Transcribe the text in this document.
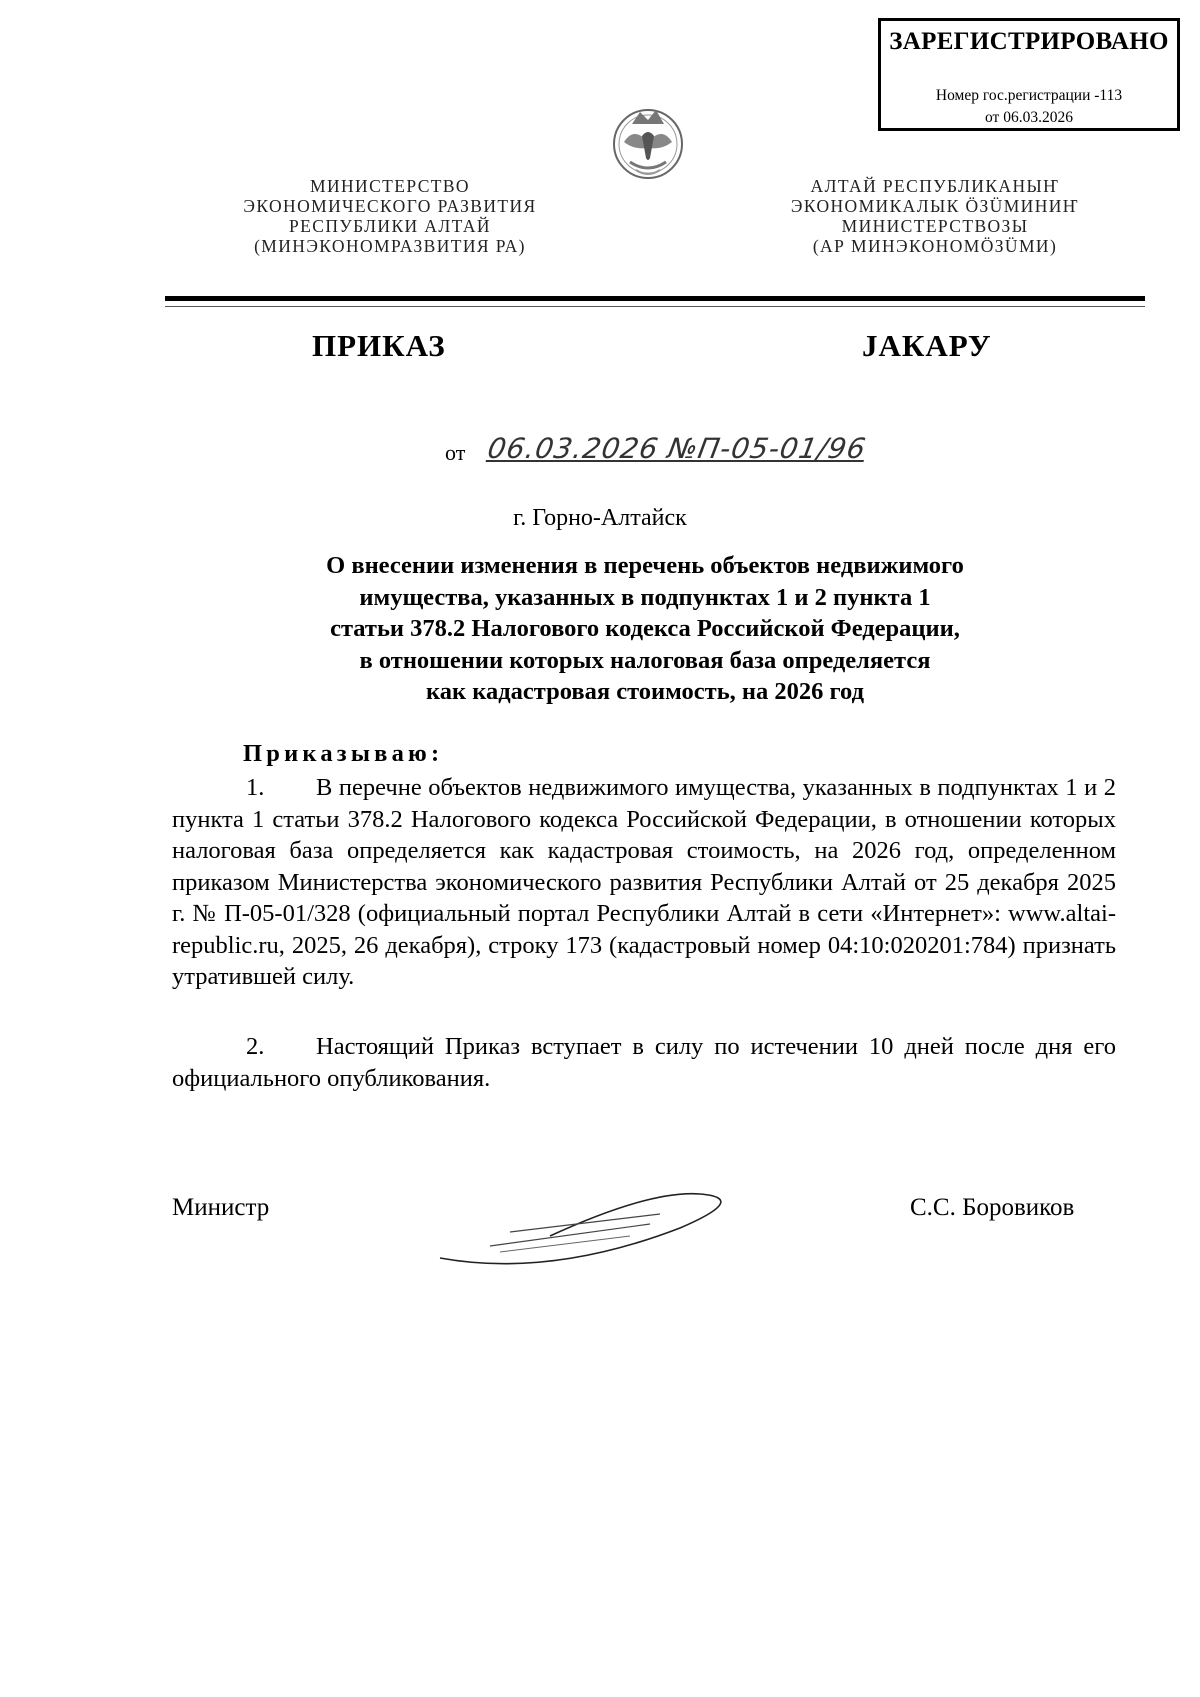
ЗАРЕГИСТРИРОВАНО
Номер гос.регистрации -113
от 06.03.2026
МИНИСТЕРСТВО
ЭКОНОМИЧЕСКОГО РАЗВИТИЯ
РЕСПУБЛИКИ АЛТАЙ
(МИНЭКОНОМРАЗВИТИЯ РА)
АЛТАЙ РЕСПУБЛИКАНЫҤ
ЭКОНОМИКАЛЫК ÖЗÜМИНИҤ
МИНИСТЕРСТВОЗЫ
(АР МИНЭКОНОМÖЗÜМИ)
ПРИКАЗ	ЈАКАРУ
от 06.03.2026 №П-05-01/96
г. Горно-Алтайск
О внесении изменения в перечень объектов недвижимого
имущества, указанных в подпунктах 1 и 2 пункта 1
статьи 378.2 Налогового кодекса Российской Федерации,
в отношении которых налоговая база определяется
как кадастровая стоимость, на 2026 год
Приказываю:
1. В перечне объектов недвижимого имущества, указанных в подпунктах 1 и 2 пункта 1 статьи 378.2 Налогового кодекса Российской Федерации, в отношении которых налоговая база определяется как кадастровая стоимость, на 2026 год, определенном приказом Министерства экономического развития Республики Алтай от 25 декабря 2025 г. № П-05-01/328 (официальный портал Республики Алтай в сети «Интернет»: www.altai-republic.ru, 2025, 26 декабря), строку 173 (кадастровый номер 04:10:020201:784) признать утратившей силу.
2. Настоящий Приказ вступает в силу по истечении 10 дней после дня его официального опубликования.
Министр	С.С. Боровиков
